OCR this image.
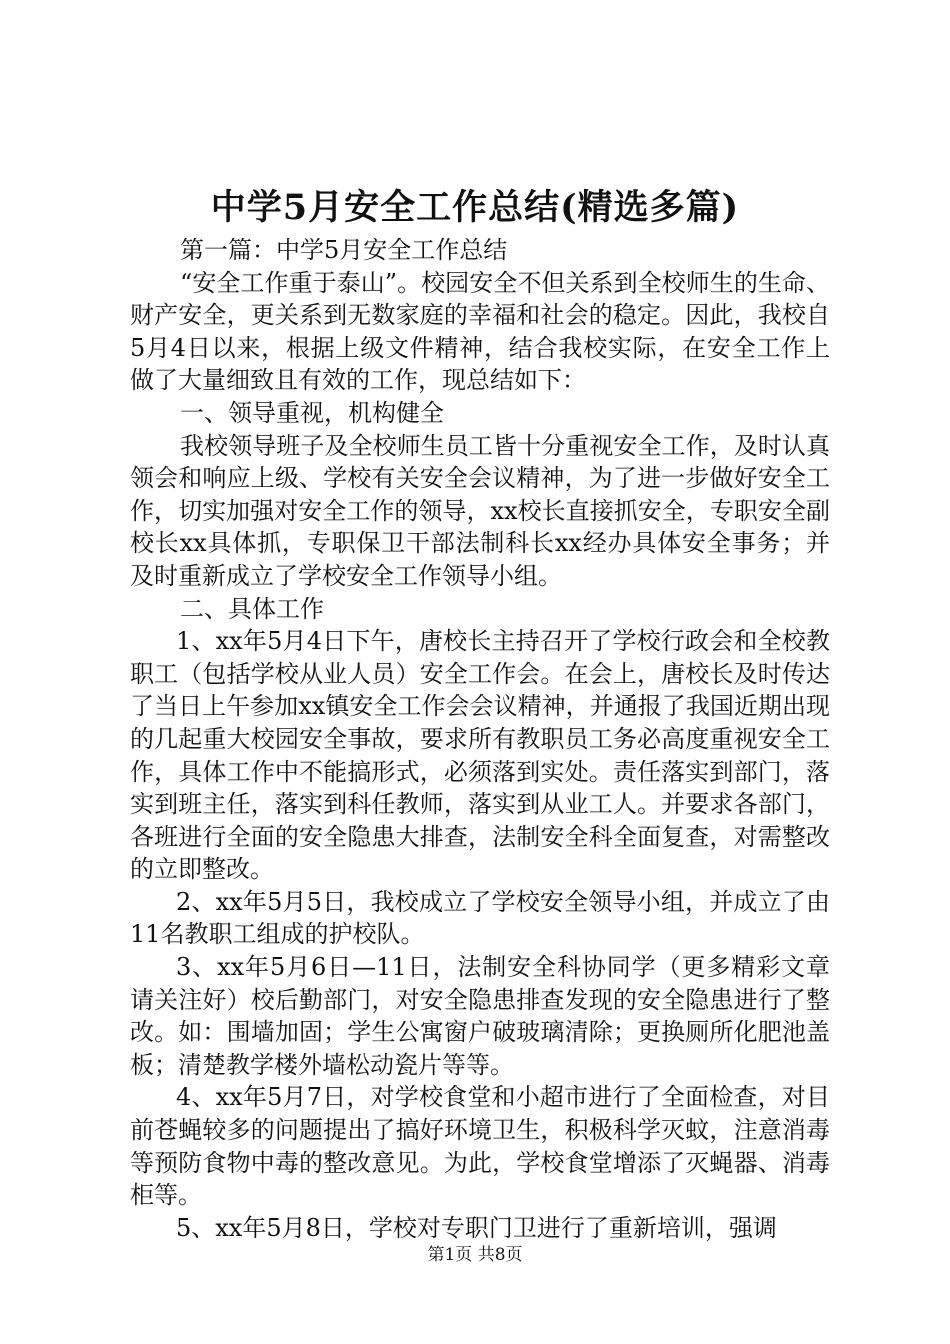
中学5月安全工作总结(精选多篇)

第一篇：中学5月安全工作总结

“安全工作重于泰山”。校园安全不但关系到全校师生的生命、财产安全，更关系到无数家庭的幸福和社会的稳定。因此，我校自5月4日以来，根据上级文件精神，结合我校实际，在安全工作上做了大量细致且有效的工作，现总结如下：

一、领导重视，机构健全

我校领导班子及全校师生员工皆十分重视安全工作，及时认真领会和响应上级、学校有关安全会议精神，为了进一步做好安全工作，切实加强对安全工作的领导，xx校长直接抓安全，专职安全副校长xx具体抓，专职保卫干部法制科长xx经办具体安全事务；并及时重新成立了学校安全工作领导小组。

二、具体工作

1、xx年5月4日下午，唐校长主持召开了学校行政会和全校教职工（包括学校从业人员）安全工作会。在会上，唐校长及时传达了当日上午参加xx镇安全工作会会议精神，并通报了我国近期出现的几起重大校园安全事故，要求所有教职员工务必高度重视安全工作，具体工作中不能搞形式，必须落到实处。责任落实到部门，落实到班主任，落实到科任教师，落实到从业工人。并要求各部门，各班进行全面的安全隐患大排查，法制安全科全面复查，对需整改的立即整改。

2、xx年5月5日，我校成立了学校安全领导小组，并成立了由11名教职工组成的护校队。

3、xx年5月6日—11日，法制安全科协同学（更多精彩文章请关注好）校后勤部门，对安全隐患排查发现的安全隐患进行了整改。如：围墙加固；学生公寓窗户破玻璃清除；更换厕所化肥池盖板；清楚教学楼外墙松动瓷片等等。

4、xx年5月7日，对学校食堂和小超市进行了全面检查，对目前苍蝇较多的问题提出了搞好环境卫生，积极科学灭蚊，注意消毒等预防食物中毒的整改意见。为此，学校食堂增添了灭蝇器、消毒柜等。

5、xx年5月8日，学校对专职门卫进行了重新培训，强调

第1页 共8页
